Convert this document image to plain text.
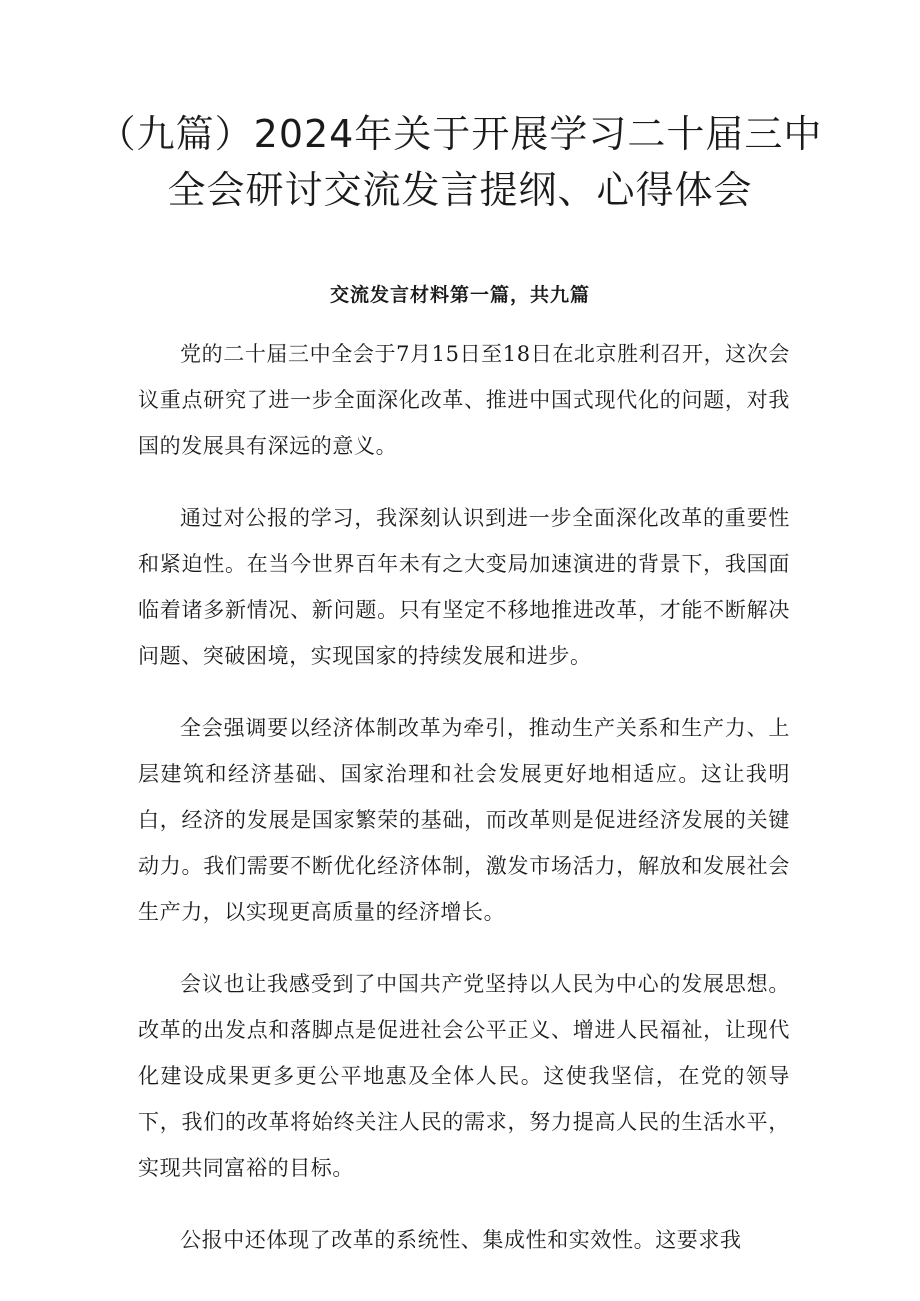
（九篇）2024年关于开展学习二十届三中
全会研讨交流发言提纲、心得体会
交流发言材料第一篇，共九篇

党的二十届三中全会于7月15日至18日在北京胜利召开，这次会议重点研究了进一步全面深化改革、推进中国式现代化的问题，对我国的发展具有深远的意义。

通过对公报的学习，我深刻认识到进一步全面深化改革的重要性和紧迫性。在当今世界百年未有之大变局加速演进的背景下，我国面临着诸多新情况、新问题。只有坚定不移地推进改革，才能不断解决问题、突破困境，实现国家的持续发展和进步。

全会强调要以经济体制改革为牵引，推动生产关系和生产力、上层建筑和经济基础、国家治理和社会发展更好地相适应。这让我明白，经济的发展是国家繁荣的基础，而改革则是促进经济发展的关键动力。我们需要不断优化经济体制，激发市场活力，解放和发展社会生产力，以实现更高质量的经济增长。

会议也让我感受到了中国共产党坚持以人民为中心的发展思想。改革的出发点和落脚点是促进社会公平正义、增进人民福祉，让现代化建设成果更多更公平地惠及全体人民。这使我坚信，在党的领导下，我们的改革将始终关注人民的需求，努力提高人民的生活水平，实现共同富裕的目标。

公报中还体现了改革的系统性、集成性和实效性。这要求我
